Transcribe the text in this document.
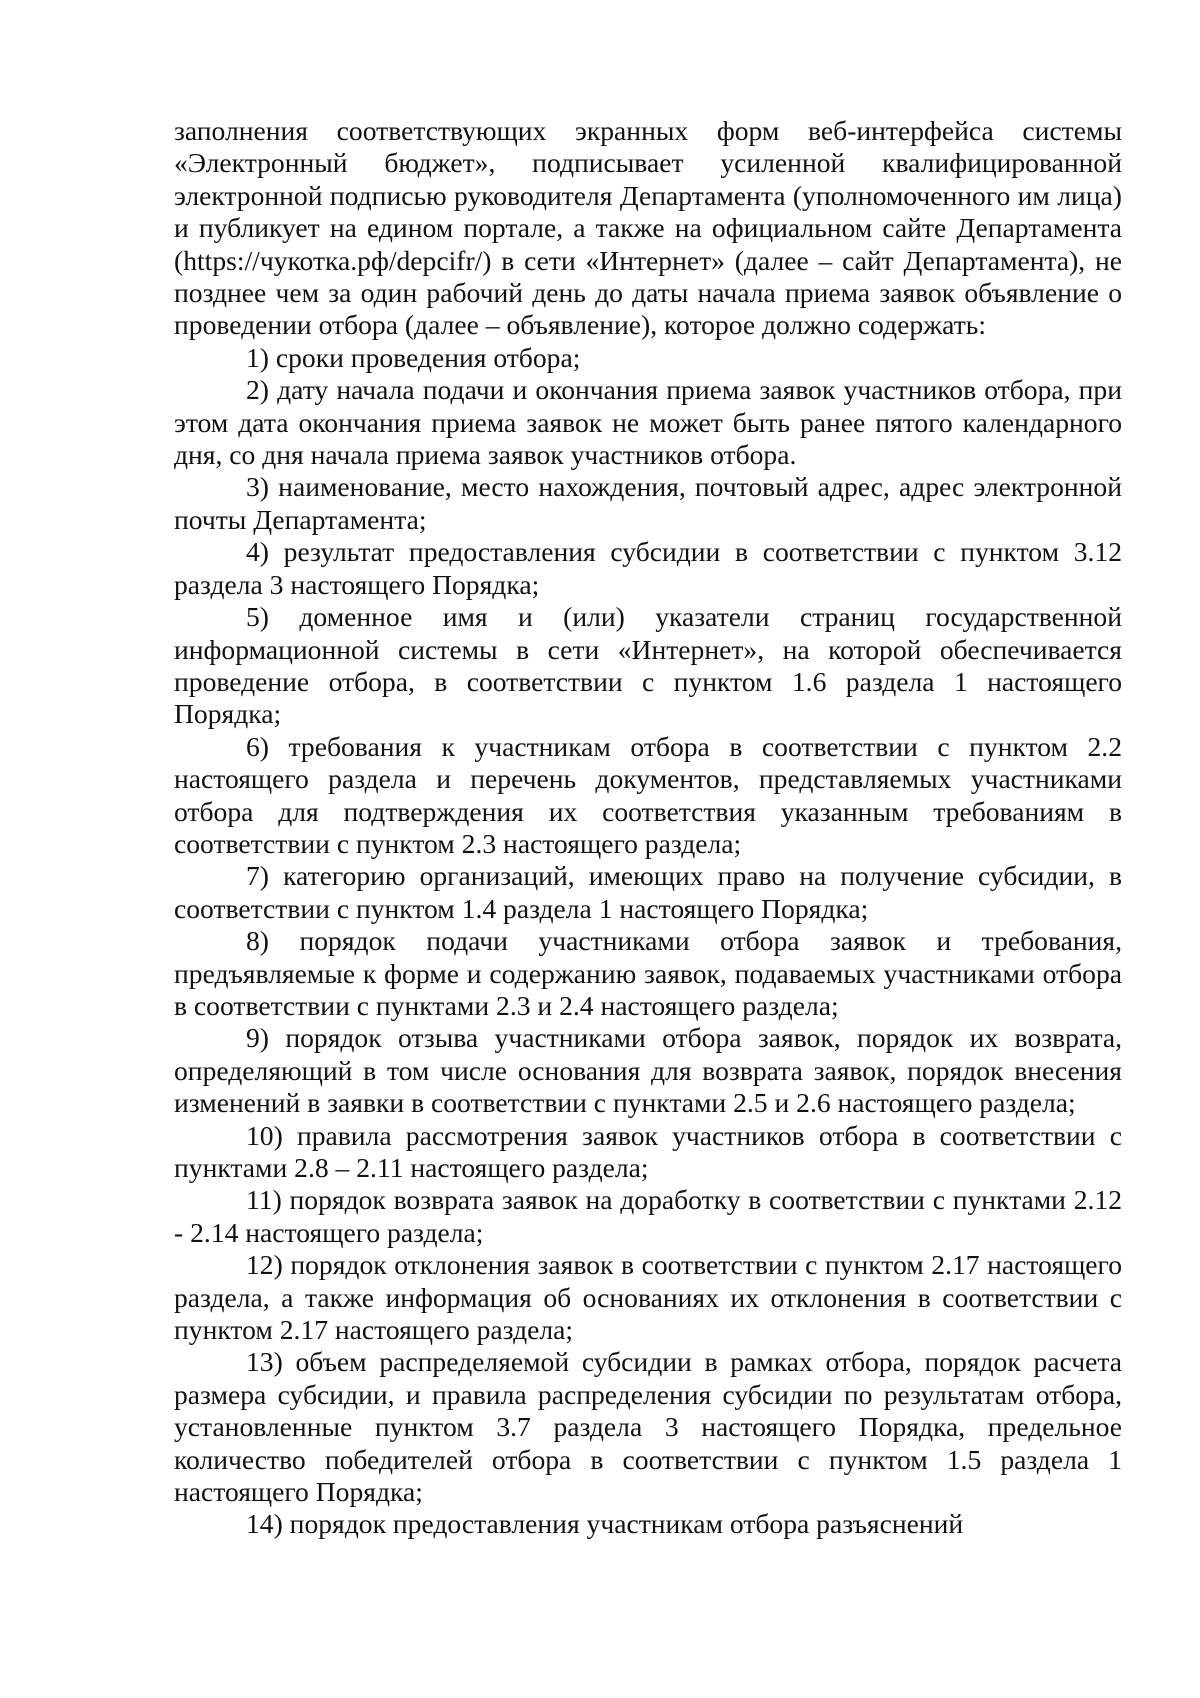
заполнения соответствующих экранных форм веб-интерфейса системы «Электронный бюджет», подписывает усиленной квалифицированной электронной подписью руководителя Департамента (уполномоченного им лица) и публикует на едином портале, а также на официальном сайте Департамента (https://чукотка.рф/depcifr/) в сети «Интернет» (далее – сайт Департамента), не позднее чем за один рабочий день до даты начала приема заявок объявление о проведении отбора (далее – объявление), которое должно содержать:

1) сроки проведения отбора;

2) дату начала подачи и окончания приема заявок участников отбора, при этом дата окончания приема заявок не может быть ранее пятого календарного дня, со дня начала приема заявок участников отбора.

3) наименование, место нахождения, почтовый адрес, адрес электронной почты Департамента;

4) результат предоставления субсидии в соответствии с пунктом 3.12 раздела 3 настоящего Порядка;

5) доменное имя и (или) указатели страниц государственной информационной системы в сети «Интернет», на которой обеспечивается проведение отбора, в соответствии с пунктом 1.6 раздела 1 настоящего Порядка;

6) требования к участникам отбора в соответствии с пунктом 2.2 настоящего раздела и перечень документов, представляемых участниками отбора для подтверждения их соответствия указанным требованиям в соответствии с пунктом 2.3 настоящего раздела;

7) категорию организаций, имеющих право на получение субсидии, в соответствии с пунктом 1.4 раздела 1 настоящего Порядка;

8) порядок подачи участниками отбора заявок и требования, предъявляемые к форме и содержанию заявок, подаваемых участниками отбора в соответствии с пунктами 2.3 и 2.4 настоящего раздела;

9) порядок отзыва участниками отбора заявок, порядок их возврата, определяющий в том числе основания для возврата заявок, порядок внесения изменений в заявки в соответствии с пунктами 2.5 и 2.6 настоящего раздела;

10) правила рассмотрения заявок участников отбора в соответствии с пунктами 2.8 – 2.11 настоящего раздела;

11) порядок возврата заявок на доработку в соответствии с пунктами 2.12 - 2.14 настоящего раздела;

12) порядок отклонения заявок в соответствии с пунктом 2.17 настоящего раздела, а также информация об основаниях их отклонения в соответствии с пунктом 2.17 настоящего раздела;

13) объем распределяемой субсидии в рамках отбора, порядок расчета размера субсидии, и правила распределения субсидии по результатам отбора, установленные пунктом 3.7 раздела 3 настоящего Порядка, предельное количество победителей отбора в соответствии с пунктом 1.5 раздела 1 настоящего Порядка;

14) порядок предоставления участникам отбора разъяснений
